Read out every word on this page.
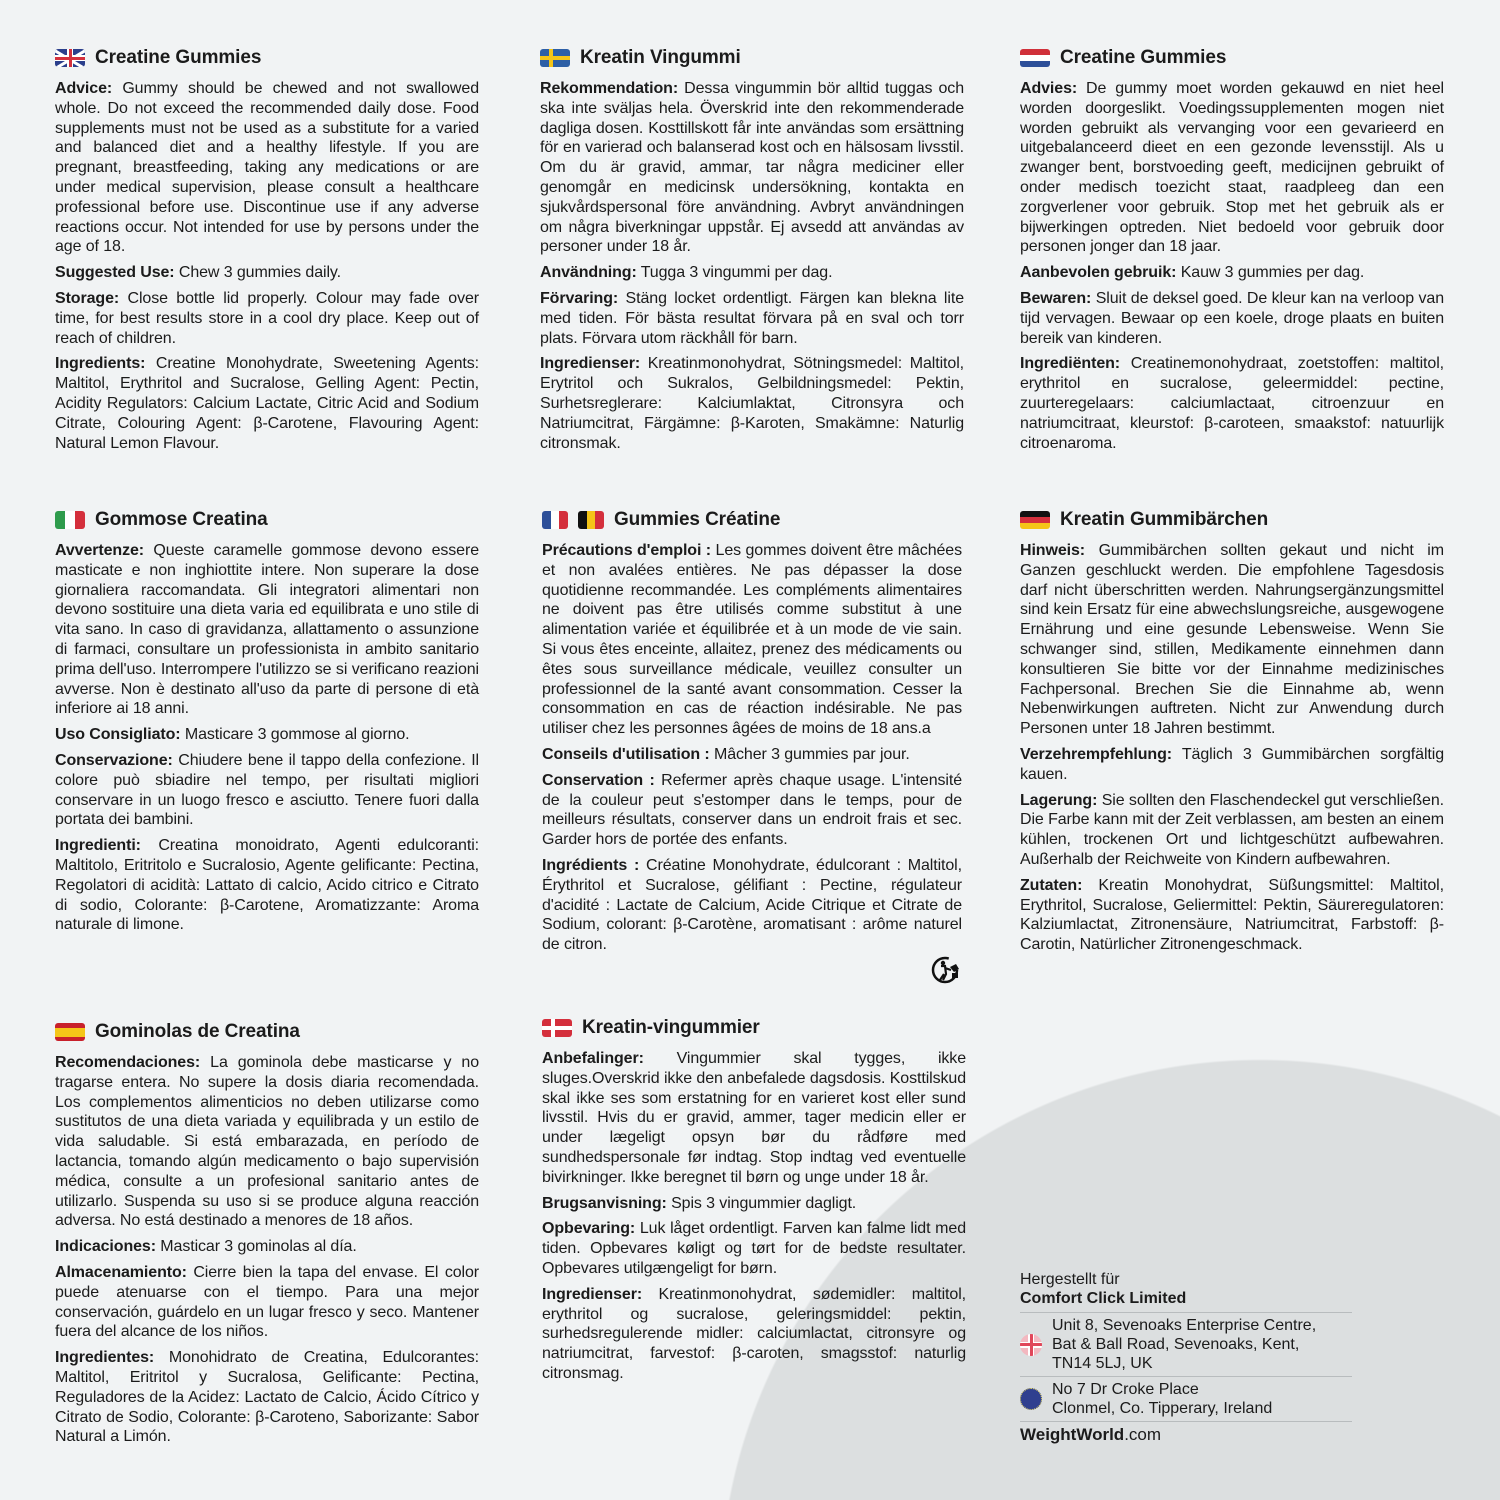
Creatine Gummies

Advice: Gummy should be chewed and not swallowed whole. Do not exceed the recommended daily dose. Food supplements must not be used as a substitute for a varied and balanced diet and a healthy lifestyle. If you are pregnant, breastfeeding, taking any medications or are under medical supervision, please consult a healthcare professional before use. Discontinue use if any adverse reactions occur. Not intended for use by persons under the age of 18.

Suggested Use: Chew 3 gummies daily.

Storage: Close bottle lid properly. Colour may fade over time, for best results store in a cool dry place. Keep out of reach of children.

Ingredients: Creatine Monohydrate, Sweetening Agents: Maltitol, Erythritol and Sucralose, Gelling Agent: Pectin, Acidity Regulators: Calcium Lactate, Citric Acid and Sodium Citrate, Colouring Agent: β-Carotene, Flavouring Agent: Natural Lemon Flavour.

Kreatin Vingummi

Rekommendation: Dessa vingummin bör alltid tuggas och ska inte sväljas hela. Överskrid inte den rekommenderade dagliga dosen. Kosttillskott får inte användas som ersättning för en varierad och balanserad kost och en hälsosam livsstil. Om du är gravid, ammar, tar några mediciner eller genomgår en medicinsk undersökning, kontakta en sjukvårdspersonal före användning. Avbryt användningen om några biverkningar uppstår. Ej avsedd att användas av personer under 18 år.

Användning: Tugga 3 vingummi per dag.

Förvaring: Stäng locket ordentligt. Färgen kan blekna lite med tiden. För bästa resultat förvara på en sval och torr plats. Förvara utom räckhåll för barn.

Ingredienser: Kreatinmonohydrat, Sötningsmedel: Maltitol, Erytritol och Sukralos, Gelbildningsmedel: Pektin, Surhetsreglerare: Kalciumlaktat, Citronsyra och Natriumcitrat, Färgämne: β-Karoten, Smakämne: Naturlig citronsmak.

Creatine Gummies

Advies: De gummy moet worden gekauwd en niet heel worden doorgeslikt. Voedingssupplementen mogen niet worden gebruikt als vervanging voor een gevarieerd en uitgebalanceerd dieet en een gezonde levensstijl. Als u zwanger bent, borstvoeding geeft, medicijnen gebruikt of onder medisch toezicht staat, raadpleeg dan een zorgverlener voor gebruik. Stop met het gebruik als er bijwerkingen optreden. Niet bedoeld voor gebruik door personen jonger dan 18 jaar.

Aanbevolen gebruik: Kauw 3 gummies per dag.

Bewaren: Sluit de deksel goed. De kleur kan na verloop van tijd vervagen. Bewaar op een koele, droge plaats en buiten bereik van kinderen.

Ingrediënten: Creatinemonohydraat, zoetstoffen: maltitol, erythritol en sucralose, geleermiddel: pectine, zuurteregelaars: calciumlactaat, citroenzuur en natriumcitraat, kleurstof: β-caroteen, smaakstof: natuurlijk citroenaroma.

Gommose Creatina

Avvertenze: Queste caramelle gommose devono essere masticate e non inghiottite intere. Non superare la dose giornaliera raccomandata. Gli integratori alimentari non devono sostituire una dieta varia ed equilibrata e uno stile di vita sano. In caso di gravidanza, allattamento o assunzione di farmaci, consultare un professionista in ambito sanitario prima dell'uso. Interrompere l'utilizzo se si verificano reazioni avverse. Non è destinato all'uso da parte di persone di età inferiore ai 18 anni.

Uso Consigliato: Masticare 3 gommose al giorno.

Conservazione: Chiudere bene il tappo della confezione. Il colore può sbiadire nel tempo, per risultati migliori conservare in un luogo fresco e asciutto. Tenere fuori dalla portata dei bambini.

Ingredienti: Creatina monoidrato, Agenti edulcoranti: Maltitolo, Eritritolo e Sucralosio, Agente gelificante: Pectina, Regolatori di acidità: Lattato di calcio, Acido citrico e Citrato di sodio, Colorante: β-Carotene, Aromatizzante: Aroma naturale di limone.

Gummies Créatine

Précautions d'emploi : Les gommes doivent être mâchées et non avalées entières. Ne pas dépasser la dose quotidienne recommandée. Les compléments alimentaires ne doivent pas être utilisés comme substitut à une alimentation variée et équilibrée et à un mode de vie sain. Si vous êtes enceinte, allaitez, prenez des médicaments ou êtes sous surveillance médicale, veuillez consulter un professionnel de la santé avant consommation. Cesser la consommation en cas de réaction indésirable. Ne pas utiliser chez les personnes âgées de moins de 18 ans.a

Conseils d'utilisation : Mâcher 3 gummies par jour.

Conservation : Refermer après chaque usage. L'intensité de la couleur peut s'estomper dans le temps, pour de meilleurs résultats, conserver dans un endroit frais et sec. Garder hors de portée des enfants.

Ingrédients : Créatine Monohydrate, édulcorant : Maltitol, Érythritol et Sucralose, gélifiant : Pectine, régulateur d'acidité : Lactate de Calcium, Acide Citrique et Citrate de Sodium, colorant: β-Carotène, aromatisant : arôme naturel de citron.

Kreatin Gummibärchen

Hinweis: Gummibärchen sollten gekaut und nicht im Ganzen geschluckt werden. Die empfohlene Tagesdosis darf nicht überschritten werden. Nahrungsergänzungsmittel sind kein Ersatz für eine abwechslungsreiche, ausgewogene Ernährung und eine gesunde Lebensweise. Wenn Sie schwanger sind, stillen, Medikamente einnehmen dann konsultieren Sie bitte vor der Einnahme medizinisches Fachpersonal. Brechen Sie die Einnahme ab, wenn Nebenwirkungen auftreten. Nicht zur Anwendung durch Personen unter 18 Jahren bestimmt.

Verzehrempfehlung: Täglich 3 Gummibärchen sorgfältig kauen.

Lagerung: Sie sollten den Flaschendeckel gut verschließen. Die Farbe kann mit der Zeit verblassen, am besten an einem kühlen, trockenen Ort und lichtgeschützt aufbewahren. Außerhalb der Reichweite von Kindern aufbewahren.

Zutaten: Kreatin Monohydrat, Süßungsmittel: Maltitol, Erythritol, Sucralose, Geliermittel: Pektin, Säureregulatoren: Kalziumlactat, Zitronensäure, Natriumcitrat, Farbstoff: β-Carotin, Natürlicher Zitronengeschmack.

Gominolas de Creatina

Recomendaciones: La gominola debe masticarse y no tragarse entera. No supere la dosis diaria recomendada. Los complementos alimenticios no deben utilizarse como sustitutos de una dieta variada y equilibrada y un estilo de vida saludable. Si está embarazada, en período de lactancia, tomando algún medicamento o bajo supervisión médica, consulte a un profesional sanitario antes de utilizarlo. Suspenda su uso si se produce alguna reacción adversa. No está destinado a menores de 18 años.

Indicaciones: Masticar 3 gominolas al día.

Almacenamiento: Cierre bien la tapa del envase. El color puede atenuarse con el tiempo. Para una mejor conservación, guárdelo en un lugar fresco y seco. Mantener fuera del alcance de los niños.

Ingredientes: Monohidrato de Creatina, Edulcorantes: Maltitol, Eritritol y Sucralosa, Gelificante: Pectina, Reguladores de la Acidez: Lactato de Calcio, Ácido Cítrico y Citrato de Sodio, Colorante: β-Caroteno, Saborizante: Sabor Natural a Limón.

Kreatin-vingummier

Anbefalinger: Vingummier skal tygges, ikke sluges.Overskrid ikke den anbefalede dagsdosis. Kosttilskud skal ikke ses som erstatning for en varieret kost eller sund livsstil. Hvis du er gravid, ammer, tager medicin eller er under lægeligt opsyn bør du rådføre med sundhedspersonale før indtag. Stop indtag ved eventuelle bivirkninger. Ikke beregnet til børn og unge under 18 år.

Brugsanvisning: Spis 3 vingummier dagligt.

Opbevaring: Luk låget ordentligt. Farven kan falme lidt med tiden. Opbevares køligt og tørt for de bedste resultater. Opbevares utilgængeligt for børn.

Ingredienser: Kreatinmonohydrat, sødemidler: maltitol, erythritol og sucralose, geleringsmiddel: pektin, surhedsregulerende midler: calciumlactat, citronsyre og natriumcitrat, farvestof: β-caroten, smagsstof: naturlig citronsmag.

Hergestellt für
Comfort Click Limited
Unit 8, Sevenoaks Enterprise Centre,
Bat & Ball Road, Sevenoaks, Kent,
TN14 5LJ, UK
No 7 Dr Croke Place
Clonmel, Co. Tipperary, Ireland
WeightWorld.com
